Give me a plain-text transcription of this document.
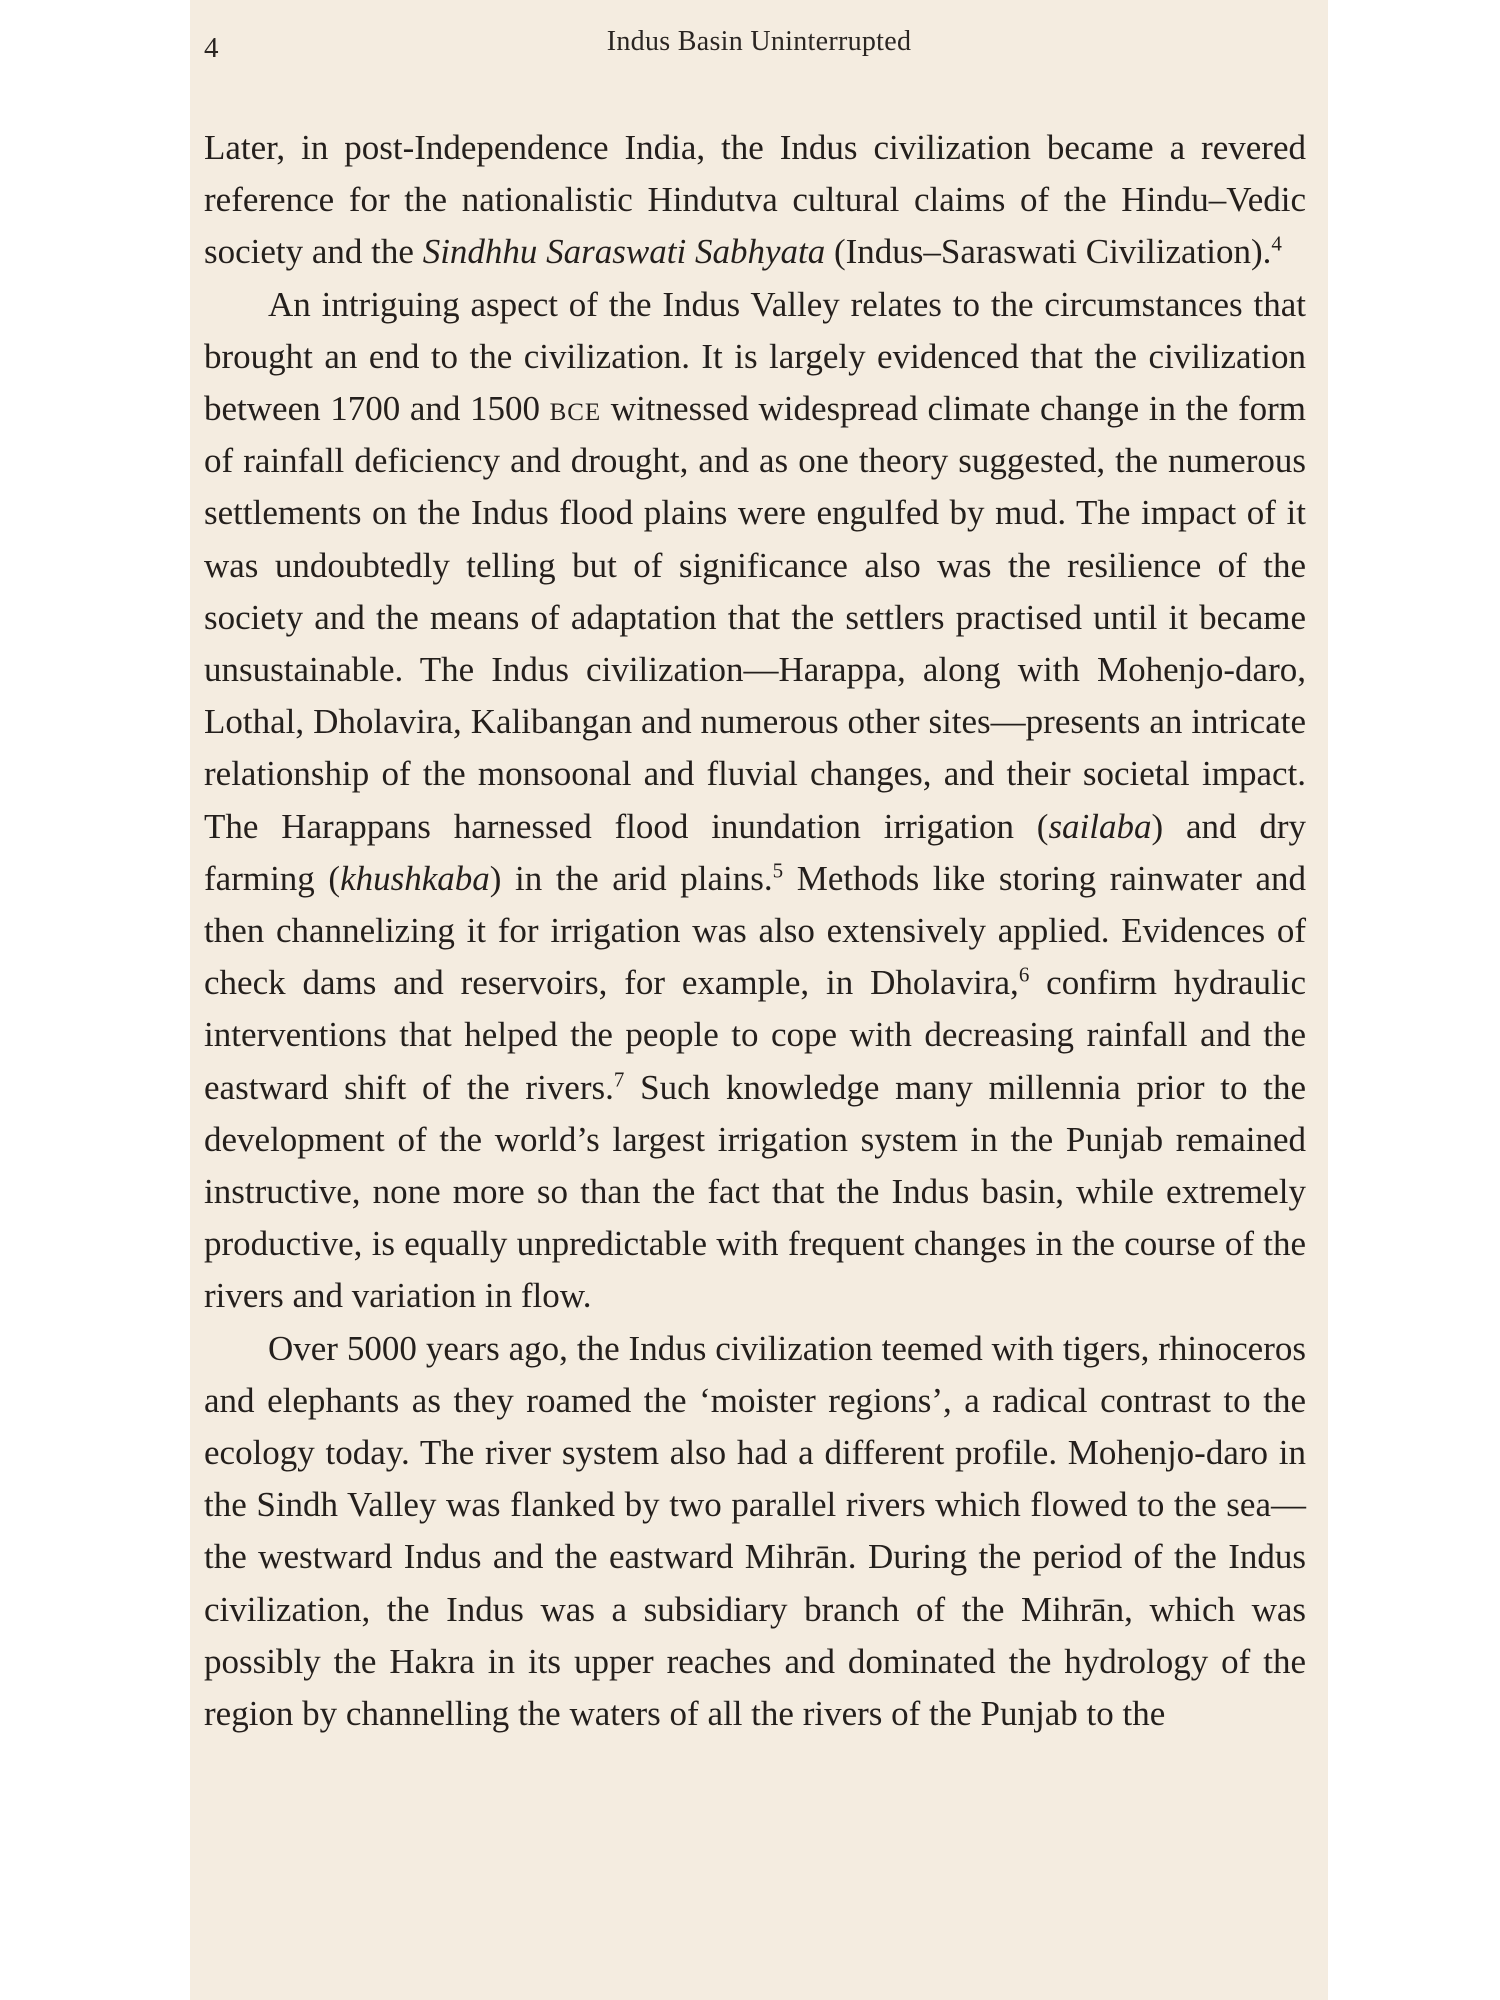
4	Indus Basin Uninterrupted

Later, in post-Independence India, the Indus civilization became a revered reference for the nationalistic Hindutva cultural claims of the Hindu–Vedic society and the Sindhhu Saraswati Sabhyata (Indus–Saraswati Civilization).$^4$

An intriguing aspect of the Indus Valley relates to the circumstances that brought an end to the civilization. It is largely evidenced that the civilization between 1700 and 1500 bce witnessed widespread climate change in the form of rainfall deficiency and drought, and as one theory suggested, the numerous settlements on the Indus flood plains were engulfed by mud. The impact of it was undoubtedly telling but of significance also was the resilience of the society and the means of adaptation that the settlers practised until it became unsustainable. The Indus civilization—Harappa, along with Mohenjo-daro, Lothal, Dholavira, Kalibangan and numerous other sites—presents an intricate relationship of the monsoonal and fluvial changes, and their societal impact. The Harappans harnessed flood inundation irrigation (sailaba) and dry farming (khushkaba) in the arid plains.$^5$ Methods like storing rainwater and then channelizing it for irrigation was also extensively applied. Evidences of check dams and reservoirs, for example, in Dholavira,$^6$ confirm hydraulic interventions that helped the people to cope with decreasing rainfall and the eastward shift of the rivers.$^7$ Such knowledge many millennia prior to the development of the world’s largest irrigation system in the Punjab remained instructive, none more so than the fact that the Indus basin, while extremely productive, is equally unpredictable with frequent changes in the course of the rivers and variation in flow.

Over 5000 years ago, the Indus civilization teemed with tigers, rhinoceros and elephants as they roamed the ‘moister regions’, a radical contrast to the ecology today. The river system also had a different profile. Mohenjo-daro in the Sindh Valley was flanked by two parallel rivers which flowed to the sea—the westward Indus and the eastward Mihrān. During the period of the Indus civilization, the Indus was a subsidiary branch of the Mihrān, which was possibly the Hakra in its upper reaches and dominated the hydrology of the region by channelling the waters of all the rivers of the Punjab to the
